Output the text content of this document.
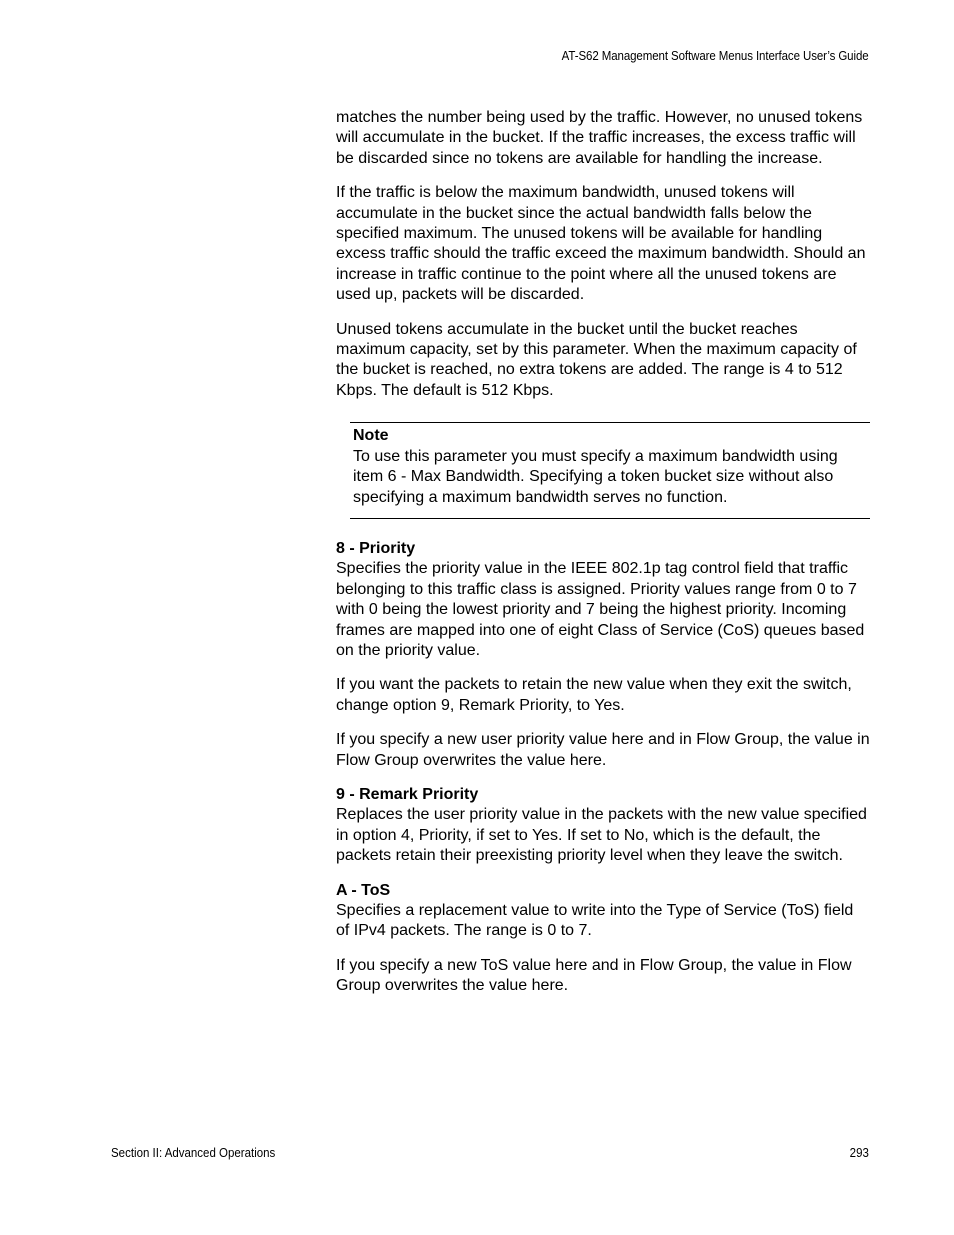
AT-S62 Management Software Menus Interface User’s Guide

matches the number being used by the traffic. However, no unused tokens will accumulate in the bucket. If the traffic increases, the excess traffic will be discarded since no tokens are available for handling the increase.

If the traffic is below the maximum bandwidth, unused tokens will accumulate in the bucket since the actual bandwidth falls below the specified maximum. The unused tokens will be available for handling excess traffic should the traffic exceed the maximum bandwidth. Should an increase in traffic continue to the point where all the unused tokens are used up, packets will be discarded.

Unused tokens accumulate in the bucket until the bucket reaches maximum capacity, set by this parameter. When the maximum capacity of the bucket is reached, no extra tokens are added. The range is 4 to 512 Kbps. The default is 512 Kbps.

Note

To use this parameter you must specify a maximum bandwidth using item 6 - Max Bandwidth. Specifying a token bucket size without also specifying a maximum bandwidth serves no function.

8 - Priority

Specifies the priority value in the IEEE 802.1p tag control field that traffic belonging to this traffic class is assigned. Priority values range from 0 to 7 with 0 being the lowest priority and 7 being the highest priority. Incoming frames are mapped into one of eight Class of Service (CoS) queues based on the priority value.

If you want the packets to retain the new value when they exit the switch, change option 9, Remark Priority, to Yes.

If you specify a new user priority value here and in Flow Group, the value in Flow Group overwrites the value here.

9 - Remark Priority

Replaces the user priority value in the packets with the new value specified in option 4, Priority, if set to Yes. If set to No, which is the default, the packets retain their preexisting priority level when they leave the switch.

A - ToS

Specifies a replacement value to write into the Type of Service (ToS) field of IPv4 packets. The range is 0 to 7.

If you specify a new ToS value here and in Flow Group, the value in Flow Group overwrites the value here.

Section II: Advanced Operations	293
